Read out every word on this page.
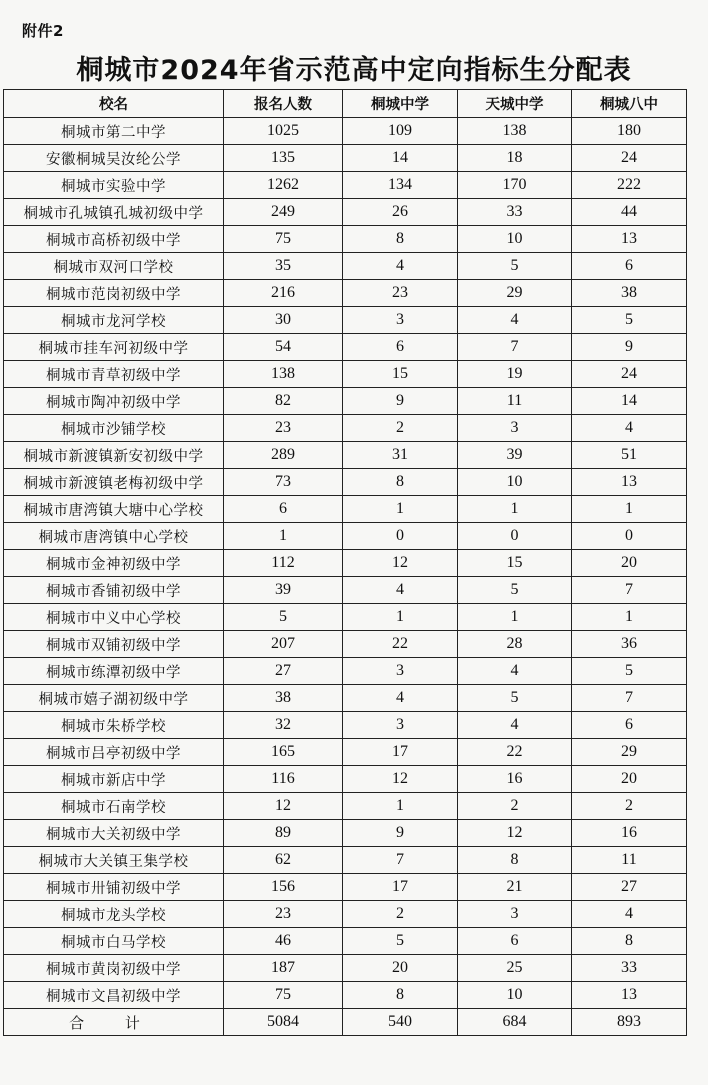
附件2
桐城市2024年省示范高中定向指标生分配表
校名	报名人数	桐城中学	天城中学	桐城八中
桐城市第二中学	1025	109	138	180
安徽桐城吴汝纶公学	135	14	18	24
桐城市实验中学	1262	134	170	222
桐城市孔城镇孔城初级中学	249	26	33	44
桐城市高桥初级中学	75	8	10	13
桐城市双河口学校	35	4	5	6
桐城市范岗初级中学	216	23	29	38
桐城市龙河学校	30	3	4	5
桐城市挂车河初级中学	54	6	7	9
桐城市青草初级中学	138	15	19	24
桐城市陶冲初级中学	82	9	11	14
桐城市沙铺学校	23	2	3	4
桐城市新渡镇新安初级中学	289	31	39	51
桐城市新渡镇老梅初级中学	73	8	10	13
桐城市唐湾镇大塘中心学校	6	1	1	1
桐城市唐湾镇中心学校	1	0	0	0
桐城市金神初级中学	112	12	15	20
桐城市香铺初级中学	39	4	5	7
桐城市中义中心学校	5	1	1	1
桐城市双铺初级中学	207	22	28	36
桐城市练潭初级中学	27	3	4	5
桐城市嬉子湖初级中学	38	4	5	7
桐城市朱桥学校	32	3	4	6
桐城市吕亭初级中学	165	17	22	29
桐城市新店中学	116	12	16	20
桐城市石南学校	12	1	2	2
桐城市大关初级中学	89	9	12	16
桐城市大关镇王集学校	62	7	8	11
桐城市卅铺初级中学	156	17	21	27
桐城市龙头学校	23	2	3	4
桐城市白马学校	46	5	6	8
桐城市黄岗初级中学	187	20	25	33
桐城市文昌初级中学	75	8	10	13
合 计	5084	540	684	893
